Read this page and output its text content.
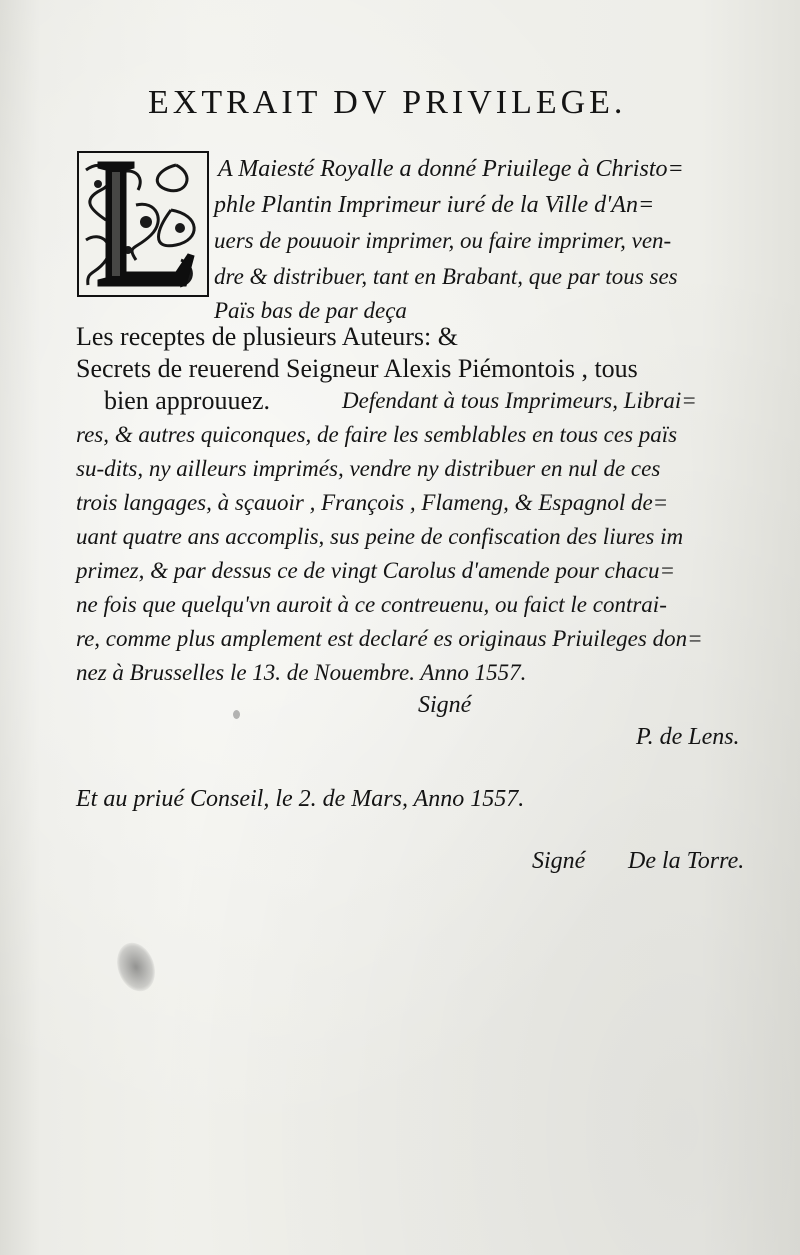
EXTRAIT DV PRIVILEGE.

A Maiesté Royalle a donné Priuilege à Christo=

phle Plantin Imprimeur iuré de la Ville d'An=

uers de pouuoir imprimer, ou faire imprimer, ven-

dre & distribuer, tant en Brabant, que par tous ses

Païs bas de par deça

Les receptes de plusieurs Auteurs: &

Secrets de reuerend Seigneur Alexis Piémontois , tous

bien approuuez.	Defendant à tous Imprimeurs, Librai=

res, & autres quiconques, de faire les semblables en tous ces païs

su-dits, ny ailleurs imprimés, vendre ny distribuer en nul de ces

trois langages, à sçauoir , François , Flameng, & Espagnol de=

uant quatre ans accomplis, sus peine de confiscation des liures im

primez, & par dessus ce de vingt Carolus d'amende pour chacu=

ne fois que quelqu'vn auroit à ce contreuenu, ou faict le contrai-

re, comme plus amplement est declaré es originaus Priuileges don=

nez à Brusselles le 13. de Nouembre. Anno 1557.

Signé

P. de Lens.

Et au priué Conseil, le 2. de Mars, Anno 1557.

Signé De la Torre.
